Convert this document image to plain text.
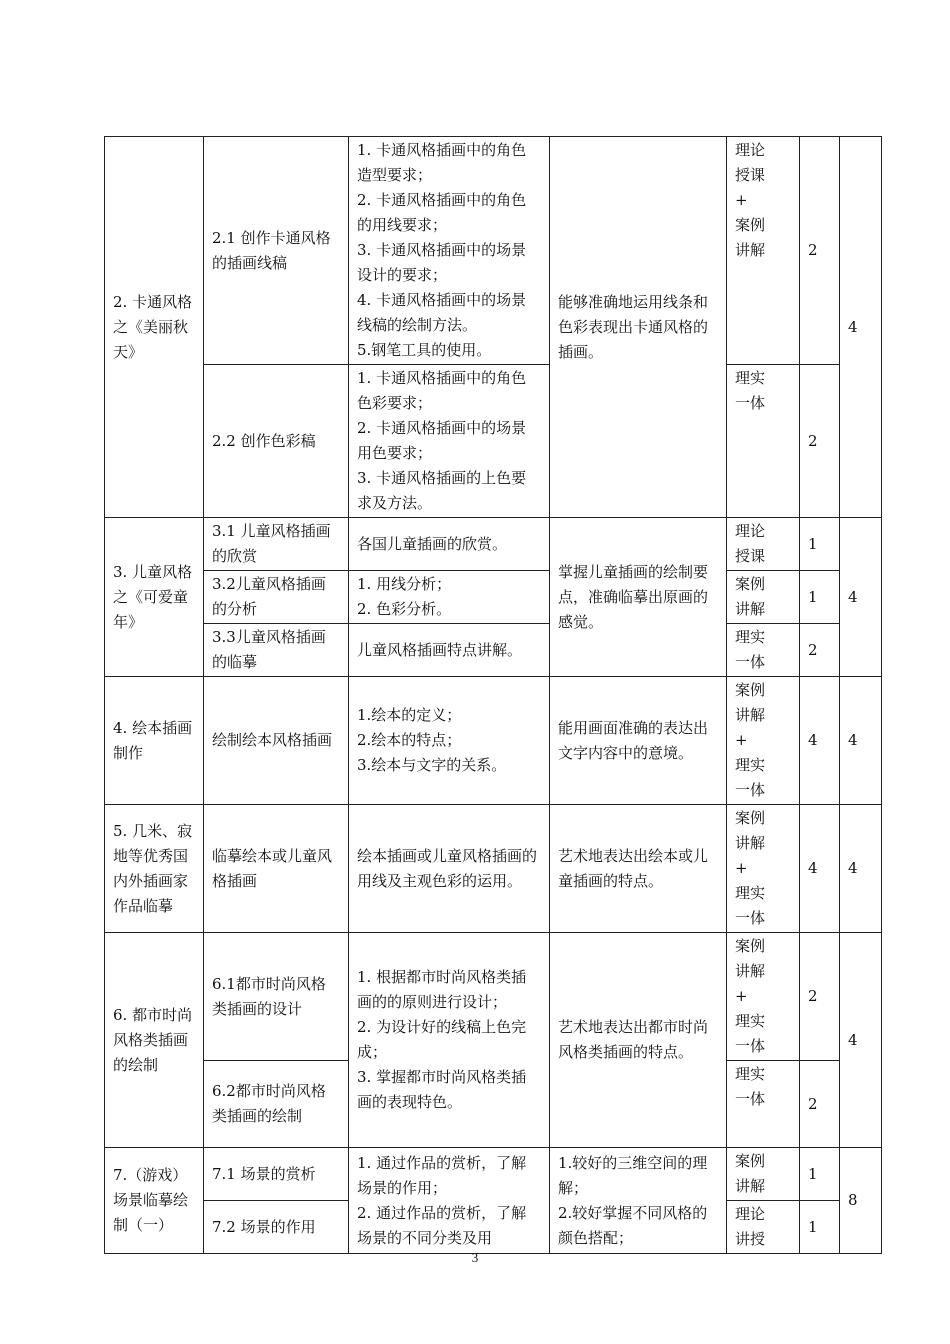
2. 卡通风格之《美丽秋天》	2.1 创作卡通风格的插画线稿	1. 卡通风格插画中的角色造型要求；
2. 卡通风格插画中的角色的用线要求；
3. 卡通风格插画中的场景设计的要求；
4. 卡通风格插画中的场景线稿的绘制方法。
5.钢笔工具的使用。	能够准确地运用线条和色彩表现出卡通风格的插画。	理论
授课
+
案例
讲解	2	4
	2.2 创作色彩稿	1. 卡通风格插画中的角色色彩要求；
2. 卡通风格插画中的场景用色要求；
3. 卡通风格插画的上色要求及方法。		理实
一体	2	
3. 儿童风格之《可爱童年》	3.1 儿童风格插画的欣赏	各国儿童插画的欣赏。	掌握儿童插画的绘制要点，准确临摹出原画的感觉。	理论
授课	1	4
	3.2儿童风格插画的分析	1. 用线分析；
2. 色彩分析。		案例
讲解	1	
	3.3儿童风格插画的临摹	儿童风格插画特点讲解。		理实
一体	2	
4. 绘本插画制作	绘制绘本风格插画	1.绘本的定义；
2.绘本的特点；
3.绘本与文字的关系。	能用画面准确的表达出文字内容中的意境。	案例
讲解
+
理实
一体	4	4
5. 几米、寂地等优秀国内外插画家作品临摹	临摹绘本或儿童风格插画	绘本插画或儿童风格插画的用线及主观色彩的运用。	艺术地表达出绘本或儿童插画的特点。	案例
讲解
+
理实
一体	4	4
6. 都市时尚风格类插画的绘制	6.1都市时尚风格类插画的设计	1. 根据都市时尚风格类插画的的原则进行设计；
2. 为设计好的线稿上色完成；
3. 掌握都市时尚风格类插画的表现特色。	艺术地表达出都市时尚风格类插画的特点。	案例
讲解
+
理实
一体	2	4
	6.2都市时尚风格类插画的绘制			理实
一体	2	
7.（游戏）场景临摹绘制（一）	7.1 场景的赏析	1. 通过作品的赏析，了解场景的作用；
2. 通过作品的赏析，了解场景的不同分类及用	1.较好的三维空间的理解；
2.较好掌握不同风格的颜色搭配；	案例
讲解	1	8
	7.2 场景的作用			理论
讲授	1	
3
